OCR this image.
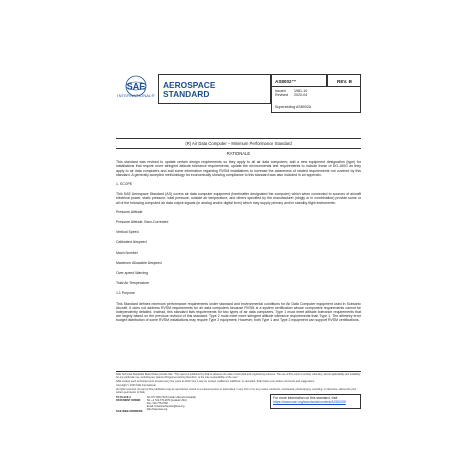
SAE
INTERNATIONAL®
AEROSPACE
STANDARD
AS8002™	REV. B
Issued 1981-10
Revised 2020-04
Superseding AS8002A
(R) Air Data Computer – Minimum Performance Standard
RATIONALE

This standard was revised to update certain design requirements so they apply to all air data computers; add a new equipment designation (type) for installations that require more stringent altitude tolerance requirements; update the environmental test requirements to include those of DO-160G as they apply to air data computers and add some information regarding RVSM installations to increase the awareness of related requirements not covered by this standard. A generally accepted methodology for economically showing compliance to this standard was also included in an appendix.

1. SCOPE

This SAE Aerospace Standard (AS) covers air data computer equipment (hereinafter designated the computer) which when connected to sources of aircraft electrical power, static pressure, total pressure, outside air temperature, and others specified by the manufacturer (singly or in combination) provide some or all of the following computed air data output signals (in analog and/or digital form) which may supply primary and/or standby flight instruments:

Pressure Altitude

Pressure Altitude, Baro-Corrected

Vertical Speed

Calibrated Airspeed

Mach Number

Maximum Allowable Airspeed

Over-speed Warning

Total Air Temperature

1.1 Purpose

This Standard defines minimum performance requirements under standard and environmental conditions for Air Data Computer equipment used in Subsonic Aircraft. It does not address RVSM requirements for air data computers because RVSM is a system certification whose component requirements cannot be independently detailed. Instead, this standard lists requirements for two types of air data computers. Type 1 must meet altitude tolerance requirements that are largely based on the previous revision of this standard. Type 2 must meet more stringent altitude tolerance requirements than Type 1. The altimetry error budget distribution of some RVSM installations may require Type 2 equipment. However, both Type 1 and Type 2 equipment can support RVSM certifications.

SAE Technical Standards Board Rules provide that: "This report is published by SAE to advance the state of technical and engineering sciences. The use of this report is entirely voluntary, and its applicability and suitability for any particular use, including any patent infringement arising therefrom, is the sole responsibility of the user."

SAE reviews each technical report at least every five years at which time it may be revised, reaffirmed, stabilized, or cancelled. SAE invites your written comments and suggestions.

Copyright © 2020 SAE International

All rights reserved. No part of this publication may be reproduced, stored in a retrieval system or transmitted, in any form or by any means, electronic, mechanical, photocopying, recording, or otherwise, without the prior written permission of SAE.

TO PLACE A DOCUMENT ORDER:
Tel: 877-606-7323 (inside USA and Canada)
Tel: +1 724-776-4970 (outside USA)
Fax: 724-776-0790
Email: CustomerService@sae.org
http://www.sae.org
For more information on this standard, visit
https://www.sae.org/standards/content/AS8002B
SAE WEB ADDRESS:
